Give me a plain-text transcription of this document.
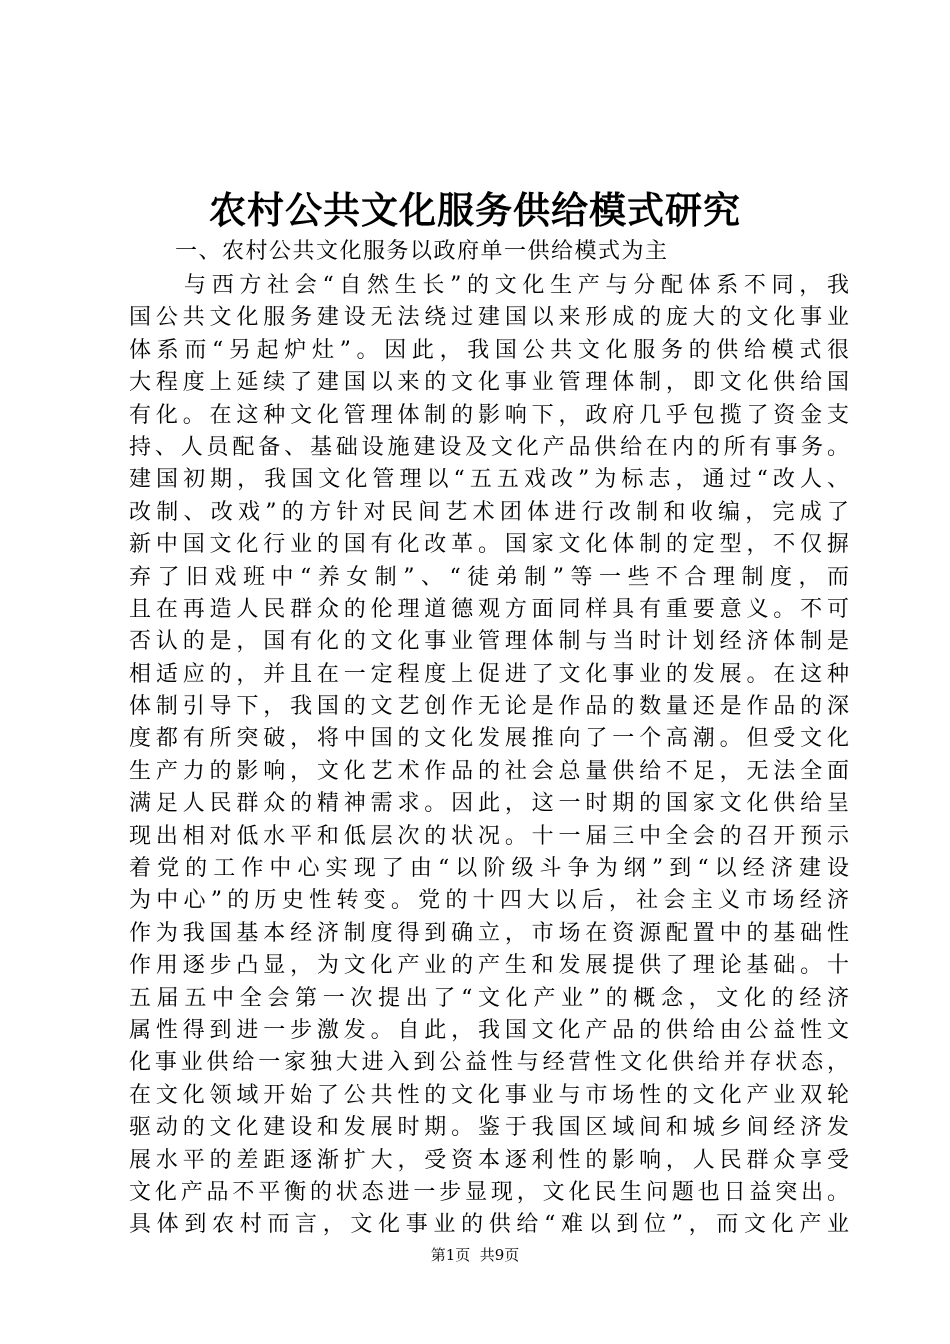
农村公共文化服务供给模式研究
一、农村公共文化服务以政府单一供给模式为主
与西方社会“自然生长”的文化生产与分配体系不同，我
国公共文化服务建设无法绕过建国以来形成的庞大的文化事业
体系而“另起炉灶”。因此，我国公共文化服务的供给模式很
大程度上延续了建国以来的文化事业管理体制，即文化供给国
有化。在这种文化管理体制的影响下，政府几乎包揽了资金支
持、人员配备、基础设施建设及文化产品供给在内的所有事务。
建国初期，我国文化管理以“五五戏改”为标志，通过“改人、
改制、改戏”的方针对民间艺术团体进行改制和收编，完成了
新中国文化行业的国有化改革。国家文化体制的定型，不仅摒
弃了旧戏班中“养女制”、“徒弟制”等一些不合理制度，而
且在再造人民群众的伦理道德观方面同样具有重要意义。不可
否认的是，国有化的文化事业管理体制与当时计划经济体制是
相适应的，并且在一定程度上促进了文化事业的发展。在这种
体制引导下，我国的文艺创作无论是作品的数量还是作品的深
度都有所突破，将中国的文化发展推向了一个高潮。但受文化
生产力的影响，文化艺术作品的社会总量供给不足，无法全面
满足人民群众的精神需求。因此，这一时期的国家文化供给呈
现出相对低水平和低层次的状况。十一届三中全会的召开预示
着党的工作中心实现了由“以阶级斗争为纲”到“以经济建设
为中心”的历史性转变。党的十四大以后，社会主义市场经济
作为我国基本经济制度得到确立，市场在资源配置中的基础性
作用逐步凸显，为文化产业的产生和发展提供了理论基础。十
五届五中全会第一次提出了“文化产业”的概念，文化的经济
属性得到进一步激发。自此，我国文化产品的供给由公益性文
化事业供给一家独大进入到公益性与经营性文化供给并存状态，
在文化领域开始了公共性的文化事业与市场性的文化产业双轮
驱动的文化建设和发展时期。鉴于我国区域间和城乡间经济发
展水平的差距逐渐扩大，受资本逐利性的影响，人民群众享受
文化产品不平衡的状态进一步显现，文化民生问题也日益突出。
具体到农村而言，文化事业的供给“难以到位”，而文化产业
第1页  共9页
